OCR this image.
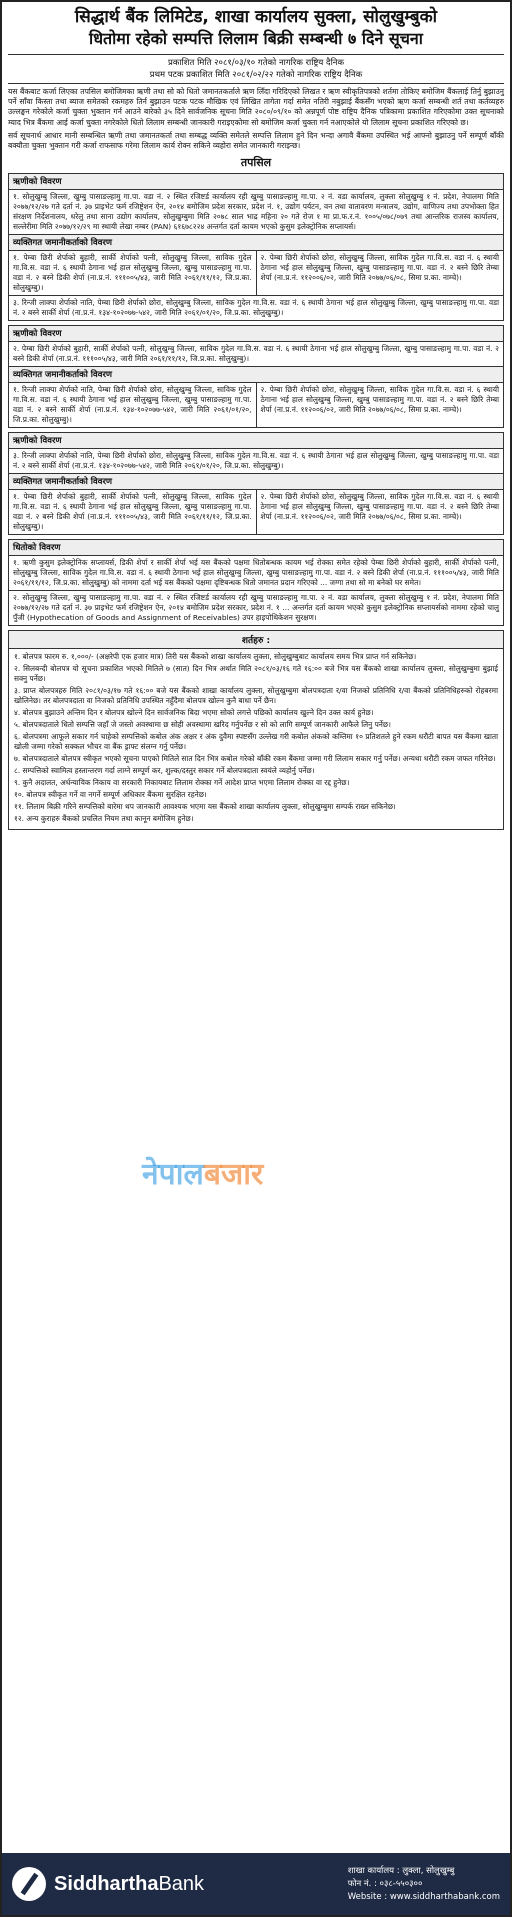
सिद्धार्थ बैंक लिमिटेड, शाखा कार्यालय सुक्ला, सोलुखुम्बुको
धितोमा रहेको सम्पत्ति लिलाम बिक्री सम्बन्धी ७ दिने सूचना
प्रकाशित मिति २०८१/०३/१० गतेको नागरिक राष्ट्रिय दैनिक
प्रथम पटक प्रकाशित मिति २०८१/०२/२२ गतेको नागरिक राष्ट्रिय दैनिक
यस बैंकबाट कर्जा लिएका तपसिल बमोजिमका ऋणी तथा सो को धितो जमानतकर्ताले ऋण लिँदा गरिदिएको लिखत र ऋण स्वीकृतिपत्रको शर्तमा तोकिए बमोजिम बैंकलाई तिर्नु बुझाउनु पर्ने साँवा किस्ता तथा ब्याज समेतको रकमहरु तिर्न बुझाउन पटक पटक मौखिक एवं लिखित तागेता गर्दा समेत नतिरी नबुझाई बैंकसँग भएको ऋण कर्जा सम्बन्धी शर्त तथा कर्तव्यहरु उल्लङ्घन गरेकोले कर्जा चुक्ता भुक्तान गर्न आउने बारेको ३५ दिने सार्वजनिक सूचना मिति २०८०/०९/१० को अन्नपूर्ण पोष्ट राष्ट्रिय दैनिक पत्रिकामा प्रकाशित गरिएकोमा उक्त सूचनाको म्याद भित्र बैंकमा आई कर्जा चुक्ता नगरेकोले धितो लिलाम सम्बन्धी जानकारी गराइएकोमा सो बमोजिम कर्जा चुक्ता गर्न नआएकोले यो लिलाम सूचना प्रकाशित गरिएको छ।
सर्व सूचनार्थ आधार मानी सम्बन्धित ऋणी तथा जमानतकर्ता तथा सम्बद्ध व्यक्ति समेतले सम्पत्ति लिलाम हुने दिन भन्दा अगावै बैंकमा उपस्थित भई आफ्नो बुझाउनु पर्ने सम्पूर्ण बाँकी बक्यौता चुक्ता भुक्तान गरी कर्जा राफसाफ गरेमा लिलाम कार्य रोक्न सकिने व्यहोरा समेत जानकारी गराइन्छ।
तपसिल
ऋणीको विवरण
१. सोलुखुम्बु जिल्ला, खुम्बु पासाङल्हामु गा.पा. वडा नं. २ स्थित रजिष्टर्ड कार्यालय रही खुम्बु पासाङल्हामु गा.पा. २ नं. वडा कार्यालय, लुक्ला सोलुखुम्बु १ नं. प्रदेश, नेपालमा मिति २०७७/१२/२७ गते दर्ता नं. ३७ प्राइभेट फर्म रजिष्ट्रेशन ऐन, २०१४ बमोजिम प्रदेश सरकार, प्रदेश नं. १, उद्योग पर्यटन, वन तथा वातावरण मन्त्रालय, उद्योग, वाणिज्य तथा उपभोक्ता हित संरक्षण निर्देशनालय, धरेलु तथा साना उद्योग कार्यालय, सोलुखुम्बुमा मिति २०७८ साल भाद्र महिना २० गते रोज १ मा प्रा.फ.र.नं. १००५/०७८/०७९ तथा आन्तरिक राजस्व कार्यालय, सल्लेरीमा मिति २०७७/१२/२९ मा स्थायी लेखा नम्बर (PAN) ६१६७८२२४ अन्तर्गत दर्ता कायम भएको कुसुम इलेक्ट्रोनिक सप्लायर्स।
व्यक्तिगत जमानीकर्ताको विवरण
१. पेम्बा छिरी शेर्पाको बुहारी, सार्की शेर्पाको पत्नी, सोलुखुम्बु जिल्ला, साविक गुदेल गा.वि.स. वडा नं. ६ स्थायी ठेगाना भई हाल सोलुखुम्बु जिल्ला, खुम्बु पासाङल्हामु गा.पा. वडा नं. २ बस्ने डिकी शेर्पा (ना.प्र.नं. १११००५/४३, जारी मिति २०६१/११/१२, जि.प्र.का. सोलुखुम्बु)।	२. पेम्बा छिरी शेर्पाको छोरा, सोलुखुम्बु जिल्ला, साविक गुदेल गा.वि.स. वडा नं. ६ स्थायी ठेगाना भई हाल सोलुखुम्बु जिल्ला, खुम्बु पासाङल्हामु गा.पा. वडा नं. २ बस्ने छिरि तेम्बा शेर्पा (ना.प्र.नं. ११२००६/०२, जारी मिति २०७७/०६/०८, सिमा प्र.का. नाम्चे)।
३. रिन्जी लाक्पा शेर्पाको नाति, पेम्बा छिरी शेर्पाको छोरा, सोलुखुम्बु जिल्ला, साविक गुदेल गा.वि.स. वडा नं. ६ स्थायी ठेगाना भई हाल सोलुखुम्बु जिल्ला, खुम्बु पासाङल्हामु गा.पा. वडा नं. २ बस्ने सार्की शेर्पा (ना.प्र.नं. १३४-१०२०७७-५४२, जारी मिति २०६१/०१/२०, जि.प्र.का. सोलुखुम्बु)।
ऋणीको विवरण
२. पेम्बा छिरी शेर्पाको बुहारी, सार्की शेर्पाको पत्नी, सोलुखुम्बु जिल्ला, साविक गुदेल गा.वि.स. वडा नं. ६ स्थायी ठेगाना भई हाल सोलुखुम्बु जिल्ला, खुम्बु पासाङल्हामु गा.पा. वडा नं. २ बस्ने डिकी शेर्पा (ना.प्र.नं. १११००५/४३, जारी मिति २०६१/११/१२, जि.प्र.का. सोलुखुम्बु)।
व्यक्तिगत जमानीकर्ताको विवरण
१. रिन्जी लाक्पा शेर्पाको नाति, पेम्बा छिरी शेर्पाको छोरा, सोलुखुम्बु जिल्ला, साविक गुदेल गा.वि.स. वडा नं. ६ स्थायी ठेगाना भई हाल सोलुखुम्बु जिल्ला, खुम्बु पासाङल्हामु गा.पा. वडा नं. २ बस्ने सार्की शेर्पा (ना.प्र.नं. १३४-१०२०७७-५४२, जारी मिति २०६१/०१/२०, जि.प्र.का. सोलुखुम्बु)।	२. पेम्बा छिरी शेर्पाको छोरा, सोलुखुम्बु जिल्ला, साविक गुदेल गा.वि.स. वडा नं. ६ स्थायी ठेगाना भई हाल सोलुखुम्बु जिल्ला, खुम्बु पासाङल्हामु गा.पा. वडा नं. २ बस्ने छिरि तेम्बा शेर्पा (ना.प्र.नं. ११२००६/०२, जारी मिति २०७७/०६/०८, सिमा प्र.का. नाम्चे)।
ऋणीको विवरण
३. रिन्जी लाक्पा शेर्पाको नाति, पेम्बा छिरी शेर्पाको छोरा, सोलुखुम्बु जिल्ला, साविक गुदेल गा.वि.स. वडा नं. ६ स्थायी ठेगाना भई हाल सोलुखुम्बु जिल्ला, खुम्बु पासाङल्हामु गा.पा. वडा नं. २ बस्ने सार्की शेर्पा (ना.प्र.नं. १३४-१०२०७७-५४२, जारी मिति २०६१/०१/२०, जि.प्र.का. सोलुखुम्बु)।
व्यक्तिगत जमानीकर्ताको विवरण
१. पेम्बा छिरी शेर्पाको बुहारी, सार्की शेर्पाको पत्नी, सोलुखुम्बु जिल्ला, साविक गुदेल गा.वि.स. वडा नं. ६ स्थायी ठेगाना भई हाल सोलुखुम्बु जिल्ला, खुम्बु पासाङल्हामु गा.पा. वडा नं. २ बस्ने डिकी शेर्पा (ना.प्र.नं. १११००५/४३, जारी मिति २०६१/११/१२, जि.प्र.का. सोलुखुम्बु)।	२. पेम्बा छिरी शेर्पाको छोरा, सोलुखुम्बु जिल्ला, साविक गुदेल गा.वि.स. वडा नं. ६ स्थायी ठेगाना भई हाल सोलुखुम्बु जिल्ला, खुम्बु पासाङल्हामु गा.पा. वडा नं. २ बस्ने छिरि तेम्बा शेर्पा (ना.प्र.नं. ११२००६/०२, जारी मिति २०७७/०६/०८, सिमा प्र.का. नाम्चे)।
धितोको विवरण
१. ऋणी कुसुम इलेक्ट्रोनिक सप्लायर्स, डिकी शेर्पा र सार्की शेर्पा भई यस बैंकको पक्षमा धितोबन्धक कायम भई रोक्का समेत रहेको पेम्बा छिरी शेर्पाको बुहारी, सार्की शेर्पाको पत्नी, सोलुखुम्बु जिल्ला, साविक गुदेल गा.वि.स. वडा नं. ६ स्थायी ठेगाना भई हाल सोलुखुम्बु जिल्ला, खुम्बु पासाङल्हामु गा.पा. वडा नं. २ बस्ने डिकी शेर्पा (ना.प्र.नं. १११००५/४३, जारी मिति २०६१/११/१२, जि.प्र.का. सोलुखुम्बु) को नाममा दर्ता भई यस बैंकको पक्षमा दृष्टिबन्धक धितो जमानत प्रदान गरिएको ... जग्गा तथा सो मा बनेको घर समेत।
२. सोलुखुम्बु जिल्ला, खुम्बु पासाङल्हामु गा.पा. वडा नं. २ स्थित रजिष्टर्ड कार्यालय रही खुम्बु पासाङल्हामु गा.पा. २ नं. वडा कार्यालय, लुक्ला सोलुखुम्बु १ नं. प्रदेश, नेपालमा मिति २०७७/१२/२७ गते दर्ता नं. ३७ प्राइभेट फर्म रजिष्ट्रेशन ऐन, २०१४ बमोजिम प्रदेश सरकार, प्रदेश नं. १ ... अन्तर्गत दर्ता कायम भएको कुसुम इलेक्ट्रोनिक सप्लायर्सको नाममा रहेको चालु पुँजी (Hypothecation of Goods and Assignment of Receivables) उपर हाइपोथिकेशन सुरक्षण।
शर्तहरु :
१. बोलपत्र फारम रु. १,०००/- (अक्षरेपी एक हजार मात्र) तिरी यस बैंकको शाखा कार्यालय लुक्ला, सोलुखुम्बुबाट कार्यालय समय भित्र प्राप्त गर्न सकिनेछ।
२. सिलबन्दी बोलपत्र यो सूचना प्रकाशित भएको मितिले ७ (सात) दिन भित्र अर्थात मिति २०८१/०३/१६ गते १६:०० बजे भित्र यस बैंकको शाखा कार्यालय लुक्ला, सोलुखुम्बुमा बुझाई सक्नु पर्नेछ।
३. प्राप्त बोलपत्रहरु मिति २०८१/०३/१७ गते १६:०० बजे यस बैंकको शाखा कार्यालय लुक्ला, सोलुखुम्बुमा बोलपत्रदाता र/वा निजको प्रतिनिधि र/वा बैंकको प्रतिनिधिहरुको रोहबरमा खोलिनेछ। तर बोलपत्रदाता वा निजको प्रतिनिधि उपस्थित नहुँदैमा बोलपत्र खोल्न कुनै बाधा पर्ने छैन।
४. बोलपत्र बुझाउने अन्तिम दिन र बोलपत्र खोल्ने दिन सार्वजनिक बिदा भएमा सोको लगत्ते पछिको कार्यालय खुल्ने दिन उक्त कार्य हुनेछ।
५. बोलपत्रदाताले धितो सम्पत्ति जहाँ जे जस्तो अवस्थामा छ सोही अवस्थामा खरिद गर्नुपर्नेछ र सो को लागि सम्पूर्ण जानकारी आफैले लिनु पर्नेछ।
६. बोलपत्रमा आफूले सकार गर्न चाहेको सम्पत्तिको कबोल अंक अक्षर र अंक दुवैमा स्पष्टसँग उल्लेख गरी कबोल अंकको कम्तिमा १० प्रतिशतले हुने रकम धरौटी बापत यस बैंकमा खाता खोली जम्मा गरेको सक्कल भौचर वा बैंक ड्राफ्ट संलग्न गर्नु पर्नेछ।
७. बोलपत्रदाताले बोलपत्र स्वीकृत भएको सूचना पाएको मितिले सात दिन भित्र कबोल गरेको बाँकी रकम बैंकमा जम्मा गरी लिलाम सकार गर्नु पर्नेछ। अन्यथा धरौटी रकम जफत गरिनेछ।
८. सम्पत्तिको स्वामित्व हस्तान्तरण गर्दा लाग्ने सम्पूर्ण कर, शुल्क/दस्तुर सकार गर्ने बोलपत्रदाता स्वयंले व्यहोर्नु पर्नेछ।
९. कुनै अदालत, अर्धन्यायिक निकाय वा सरकारी निकायबाट लिलाम रोक्का गर्ने आदेश प्राप्त भएमा लिलाम रोक्का वा रद्द हुनेछ।
१०. बोलपत्र स्वीकृत गर्ने वा नगर्ने सम्पूर्ण अधिकार बैंकमा सुरक्षित रहनेछ।
११. लिलाम बिक्री गरिने सम्पत्तिको बारेमा थप जानकारी आवश्यक भएमा यस बैंकको शाखा कार्यालय लुक्ला, सोलुखुम्बुमा सम्पर्क राख्न सकिनेछ।
१२. अन्य कुराहरु बैंकको प्रचलित नियम तथा कानून बमोजिम हुनेछ।
नेपालबजार
SiddharthaBank
शाखा कार्यालय : लुक्ला, सोलुखुम्बु
फोन नं. : ०३८-५५०३००
Website : www.siddharthabank.com
